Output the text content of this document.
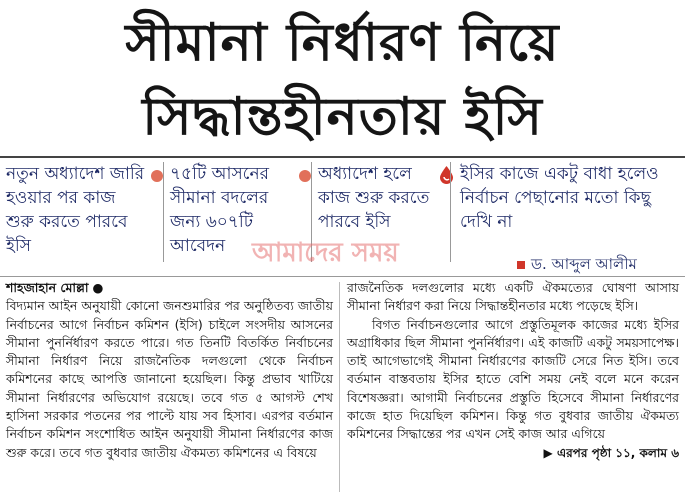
সীমানা নির্ধারণ নিয়ে
সিদ্ধান্তহীনতায় ইসি
নতুন অধ্যাদেশ জারি হওয়ার পর কাজ শুরু করতে পারবে ইসি
৭৫টি আসনের সীমানা বদলের জন্য ৬০৭টি আবেদন
অধ্যাদেশ হলে কাজ শুরু করতে পারবে ইসি
ইসির কাজে একটু বাধা হলেও নির্বাচন পেছানোর মতো কিছু দেখি না
ড. আব্দুল আলীম
আমাদের সময়

শাহজাহান মোল্লা ●

বিদ্যমান আইন অনুযায়ী কোনো জনশুমারির পর অনুষ্ঠিতব্য জাতীয় নির্বাচনের আগে নির্বাচন কমিশন (ইসি) চাইলে সংসদীয় আসনের সীমানা পুনর্নির্ধারণ করতে পারে। গত তিনটি বিতর্কিত নির্বাচনের সীমানা নির্ধারণ নিয়ে রাজনৈতিক দলগুলো থেকে নির্বাচন কমিশনের কাছে আপত্তি জানানো হয়েছিল। কিন্তু প্রভাব খাটিয়ে সীমানা নির্ধারণের অভিযোগ রয়েছে। তবে গত ৫ আগস্ট শেখ হাসিনা সরকার পতনের পর পাল্টে যায় সব হিসাব। এরপর বর্তমান নির্বাচন কমিশন সংশোধিত আইন অনুযায়ী সীমানা নির্ধারণের কাজ শুরু করে। তবে গত বুধবার জাতীয় ঐকমত্য কমিশনের এ বিষয়ে

রাজনৈতিক দলগুলোর মধ্যে একটি ঐকমত্যের ঘোষণা আসায় সীমানা নির্ধারণ করা নিয়ে সিদ্ধান্তহীনতার মধ্যে পড়েছে ইসি।

বিগত নির্বাচনগুলোর আগে প্রস্তুতিমূলক কাজের মধ্যে ইসির অগ্রাধিকার ছিল সীমানা পুনর্নির্ধারণ। এই কাজটি একটু সময়সাপেক্ষ। তাই আগেভাগেই সীমানা নির্ধারণের কাজটি সেরে নিত ইসি। তবে বর্তমান বাস্তবতায় ইসির হাতে বেশি সময় নেই বলে মনে করেন বিশেষজ্ঞরা। আগামী নির্বাচনের প্রস্তুতি হিসেবে সীমানা নির্ধারণের কাজে হাত দিয়েছিল কমিশন। কিন্তু গত বুধবার জাতীয় ঐকমত্য কমিশনের সিদ্ধান্তের পর এখন সেই কাজ আর এগিয়ে

▶ এরপর পৃষ্ঠা ১১, কলাম ৬
